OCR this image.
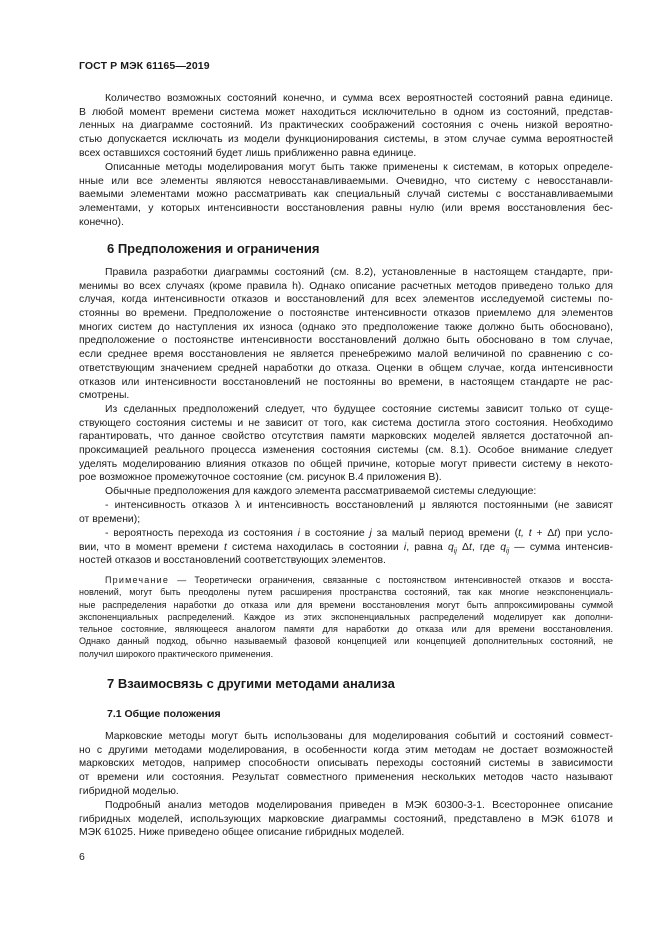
ГОСТ Р МЭК 61165—2019
Количество возможных состояний конечно, и сумма всех вероятностей состояний равна единице.
В любой момент времени система может находиться исключительно в одном из состояний, представ-
ленных на диаграмме состояний. Из практических соображений состояния с очень низкой вероятно-
стью допускается исключать из модели функционирования системы, в этом случае сумма вероятностей
всех оставшихся состояний будет лишь приближенно равна единице.
Описанные методы моделирования могут быть также применены к системам, в которых определе-
нные или все элементы являются невосстанавливаемыми. Очевидно, что систему с невосстанавли-
ваемыми элементами можно рассматривать как специальный случай системы с восстанавливаемыми
элементами, у которых интенсивности восстановления равны нулю (или время восстановления бес-
конечно).
6 Предположения и ограничения
Правила разработки диаграммы состояний (см. 8.2), установленные в настоящем стандарте, при-
менимы во всех случаях (кроме правила h). Однако описание расчетных методов приведено только для
случая, когда интенсивности отказов и восстановлений для всех элементов исследуемой системы по-
стоянны во времени. Предположение о постоянстве интенсивности отказов приемлемо для элементов
многих систем до наступления их износа (однако это предположение также должно быть обосновано),
предположение о постоянстве интенсивности восстановлений должно быть обосновано в том случае,
если среднее время восстановления не является пренебрежимо малой величиной по сравнению с со-
ответствующим значением средней наработки до отказа. Оценки в общем случае, когда интенсивности
отказов или интенсивности восстановлений не постоянны во времени, в настоящем стандарте не рас-
смотрены.
Из сделанных предположений следует, что будущее состояние системы зависит только от суще-
ствующего состояния системы и не зависит от того, как система достигла этого состояния. Необходимо
гарантировать, что данное свойство отсутствия памяти марковских моделей является достаточной ап-
проксимацией реального процесса изменения состояния системы (см. 8.1). Особое внимание следует
уделять моделированию влияния отказов по общей причине, которые могут привести систему в некото-
рое возможное промежуточное состояние (см. рисунок В.4 приложения В).
Обычные предположения для каждого элемента рассматриваемой системы следующие:
- интенсивность отказов λ и интенсивность восстановлений μ являются постоянными (не зависят
от времени);
- вероятность перехода из состояния i в состояние j за малый период времени (t, t + Δt) при усло-
вии, что в момент времени t система находилась в состоянии i, равна $q_{ij}$ Δt, где $q_{ij}$ — сумма интенсив-
ностей отказов и восстановлений соответствующих элементов.
Примечание — Теоретически ограничения, связанные с постоянством интенсивностей отказов и восста-
новлений, могут быть преодолены путем расширения пространства состояний, так как многие неэкспоненциаль-
ные распределения наработки до отказа или для времени восстановления могут быть аппроксимированы суммой
экспоненциальных распределений. Каждое из этих экспоненциальных распределений моделирует как дополни-
тельное состояние, являющееся аналогом памяти для наработки до отказа или для времени восстановления.
Однако данный подход, обычно называемый фазовой концепцией или концепцией дополнительных состояний, не
получил широкого практического применения.
7 Взаимосвязь с другими методами анализа
7.1 Общие положения
Марковские методы могут быть использованы для моделирования событий и состояний совмест-
но с другими методами моделирования, в особенности когда этим методам не достает возможностей
марковских методов, например способности описывать переходы состояний системы в зависимости
от времени или состояния. Результат совместного применения нескольких методов часто называют
гибридной моделью.
Подробный анализ методов моделирования приведен в МЭК 60300-3-1. Всестороннее описание
гибридных моделей, использующих марковские диаграммы состояний, представлено в МЭК 61078 и
МЭК 61025. Ниже приведено общее описание гибридных моделей.
6
